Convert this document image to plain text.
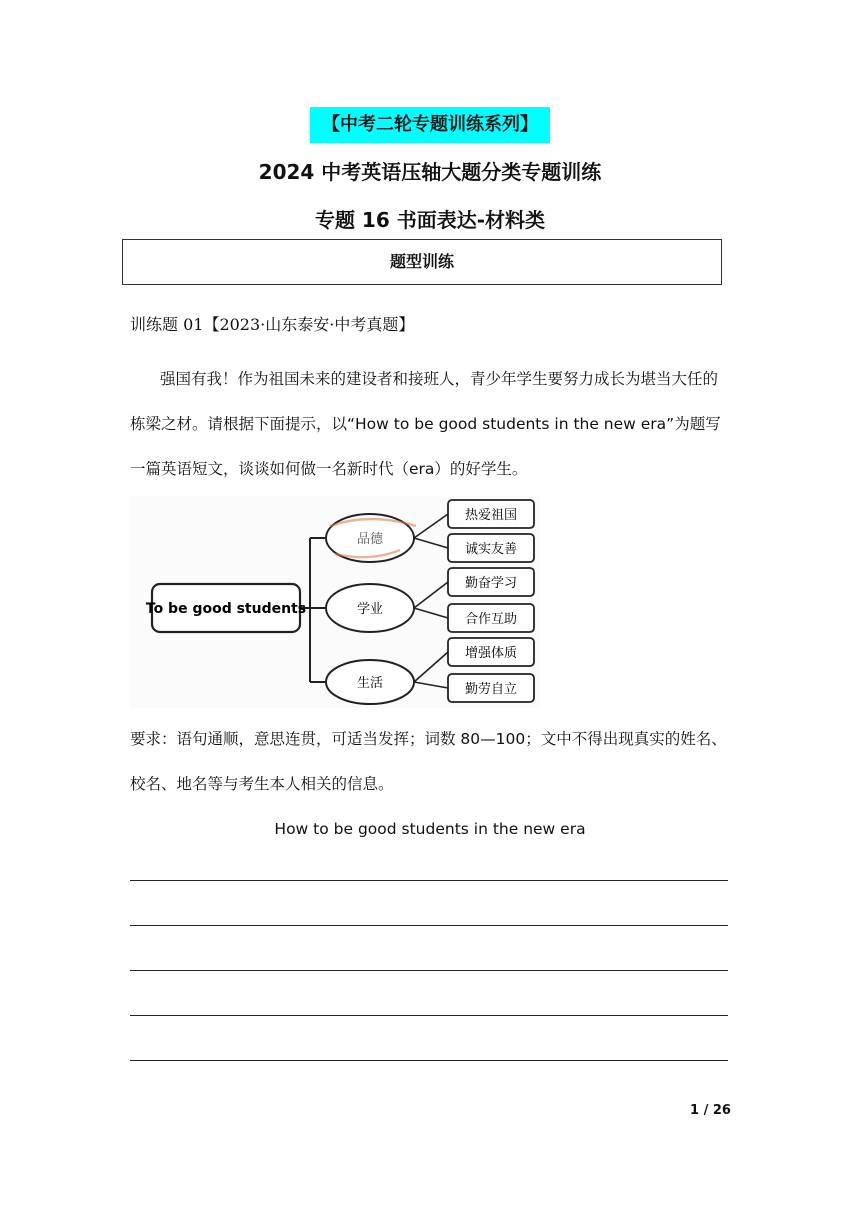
【中考二轮专题训练系列】
2024 中考英语压轴大题分类专题训练
专题 16 书面表达-材料类
题型训练
训练题 01【2023·山东泰安·中考真题】
强国有我！作为祖国未来的建设者和接班人，青少年学生要努力成长为堪当大任的栋梁之材。请根据下面提示，以“How to be good students in the new era”为题写一篇英语短文，谈谈如何做一名新时代（era）的好学生。
To be good students
品德
学业
生活
热爱祖国
诚实友善
勤奋学习
合作互助
增强体质
勤劳自立
要求：语句通顺，意思连贯，可适当发挥；词数 80—100；文中不得出现真实的姓名、校名、地名等与考生本人相关的信息。
How to be good students in the new era
1 / 26
